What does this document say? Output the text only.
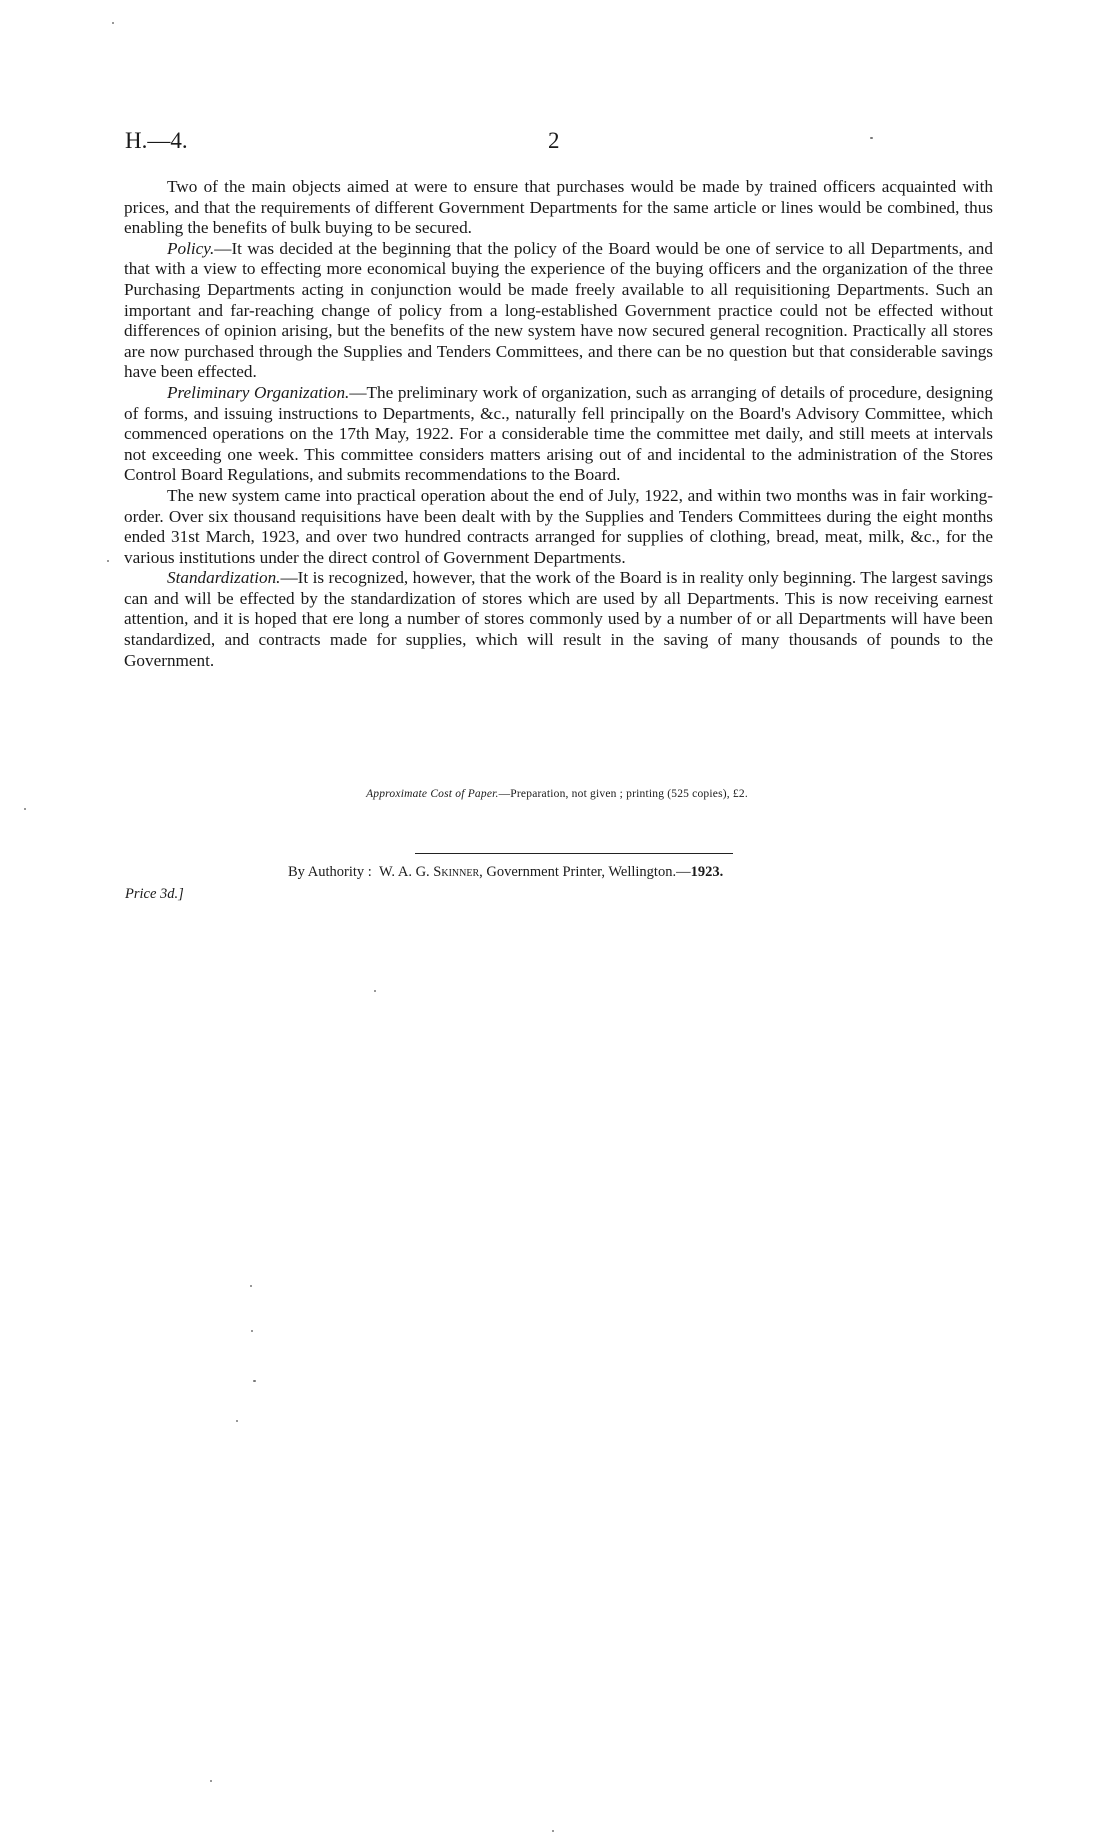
H.—4.	2

Two of the main objects aimed at were to ensure that purchases would be made by trained officers acquainted with prices, and that the requirements of different Government Departments for the same article or lines would be combined, thus enabling the benefits of bulk buying to be secured.

Policy.—It was decided at the beginning that the policy of the Board would be one of service to all Departments, and that with a view to effecting more economical buying the experience of the buying officers and the organization of the three Purchasing Departments acting in conjunction would be made freely available to all requisitioning Departments. Such an important and far-reaching change of policy from a long-established Government practice could not be effected without differences of opinion arising, but the benefits of the new system have now secured general recognition. Practically all stores are now purchased through the Supplies and Tenders Committees, and there can be no question but that considerable savings have been effected.

Preliminary Organization.—The preliminary work of organization, such as arranging of details of procedure, designing of forms, and issuing instructions to Departments, &c., naturally fell principally on the Board's Advisory Committee, which commenced operations on the 17th May, 1922. For a considerable time the committee met daily, and still meets at intervals not exceeding one week. This committee considers matters arising out of and incidental to the administration of the Stores Control Board Regulations, and submits recommendations to the Board.

The new system came into practical operation about the end of July, 1922, and within two months was in fair working-order. Over six thousand requisitions have been dealt with by the Supplies and Tenders Committees during the eight months ended 31st March, 1923, and over two hundred contracts arranged for supplies of clothing, bread, meat, milk, &c., for the various institutions under the direct control of Government Departments.

Standardization.—It is recognized, however, that the work of the Board is in reality only beginning. The largest savings can and will be effected by the standardization of stores which are used by all Departments. This is now receiving earnest attention, and it is hoped that ere long a number of stores commonly used by a number of or all Departments will have been standardized, and contracts made for supplies, which will result in the saving of many thousands of pounds to the Government.

Approximate Cost of Paper.—Preparation, not given ; printing (525 copies), £2.
By Authority : W. A. G. Skinner, Government Printer, Wellington.—1923.
Price 3d.]
